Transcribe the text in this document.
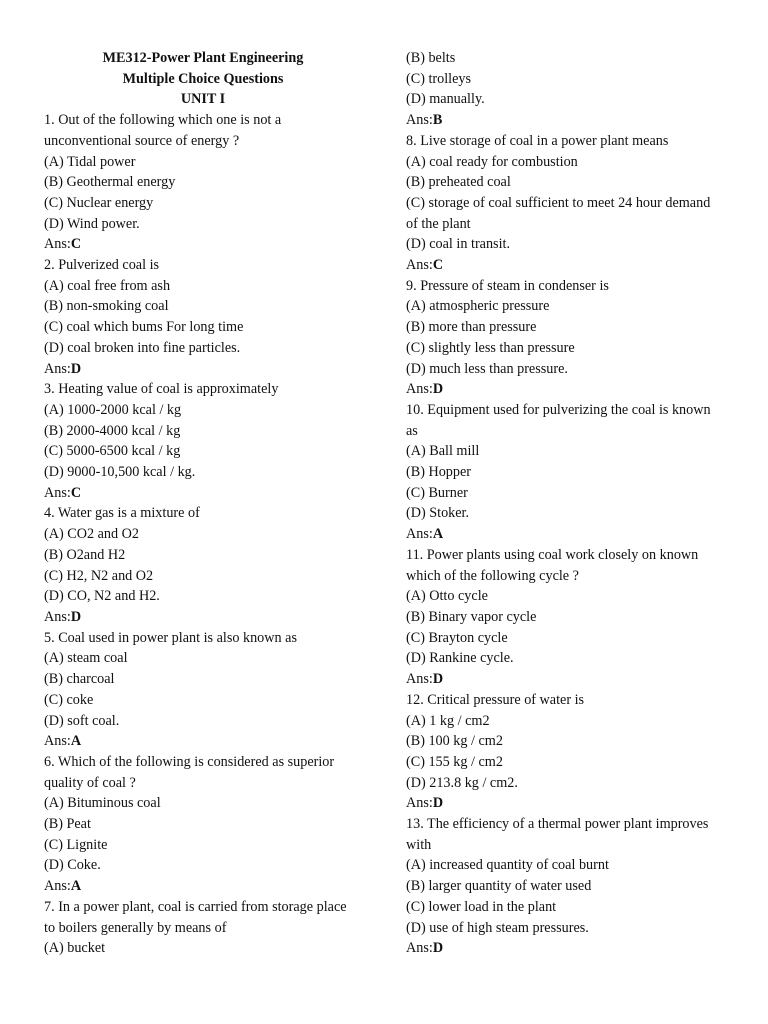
ME312-Power Plant Engineering
Multiple Choice Questions
UNIT I
1. Out of the following which one is not a
unconventional source of energy ?
(A) Tidal power
(B) Geothermal energy
(C) Nuclear energy
(D) Wind power.
Ans:C
2. Pulverized coal is
(A) coal free from ash
(B) non-smoking coal
(C) coal which bums For long time
(D) coal broken into fine particles.
Ans:D
3. Heating value of coal is approximately
(A) 1000-2000 kcal / kg
(B) 2000-4000 kcal / kg
(C) 5000-6500 kcal / kg
(D) 9000-10,500 kcal / kg.
Ans:C
4. Water gas is a mixture of
(A) CO2 and O2
(B) O2and H2
(C) H2, N2 and O2
(D) CO, N2 and H2.
Ans:D
5. Coal used in power plant is also known as
(A) steam coal
(B) charcoal
(C) coke
(D) soft coal.
Ans:A
6. Which of the following is considered as superior
quality of coal ?
(A) Bituminous coal
(B) Peat
(C) Lignite
(D) Coke.
Ans:A
7. In a power plant, coal is carried from storage place
to boilers generally by means of
(A) bucket
(B) belts
(C) trolleys
(D) manually.
Ans:B
8. Live storage of coal in a power plant means
(A) coal ready for combustion
(B) preheated coal
(C) storage of coal sufficient to meet 24 hour demand
of the plant
(D) coal in transit.
Ans:C
9. Pressure of steam in condenser is
(A) atmospheric pressure
(B) more than pressure
(C) slightly less than pressure
(D) much less than pressure.
Ans:D
10. Equipment used for pulverizing the coal is known
as
(A) Ball mill
(B) Hopper
(C) Burner
(D) Stoker.
Ans:A
11. Power plants using coal work closely on known
which of the following cycle ?
(A) Otto cycle
(B) Binary vapor cycle
(C) Brayton cycle
(D) Rankine cycle.
Ans:D
12. Critical pressure of water is
(A) 1 kg / cm2
(B) 100 kg / cm2
(C) 155 kg / cm2
(D) 213.8 kg / cm2.
Ans:D
13. The efficiency of a thermal power plant improves
with
(A) increased quantity of coal burnt
(B) larger quantity of water used
(C) lower load in the plant
(D) use of high steam pressures.
Ans:D
